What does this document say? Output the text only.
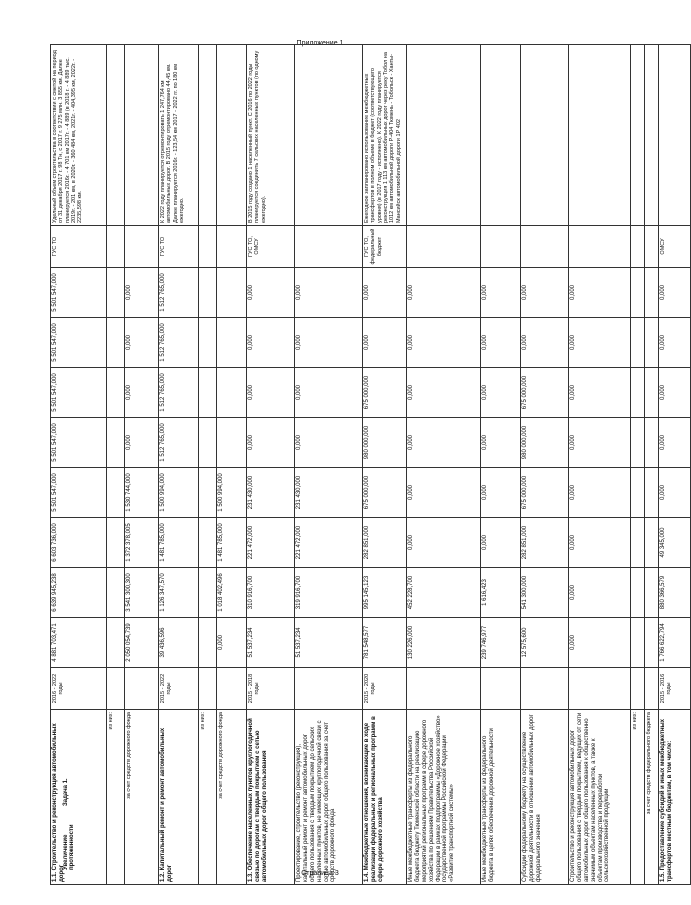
Приложение 1
1.1. Строительство и реконструкция автомобильных дорог	2016 - 2022 годы	4 881 703,471	6 639 945,238	6 603 736,000	5 501 547,000	5 501 547,000	5 501 547,000	5 501 547,000	5 501 547,000	ГУС ТО	Удельный объем строительства в соответствии с сметой на период от 31 декабря 2017 г. 98 Тн, с 2017 г. 9 275 млн. 3 855 км. Далее планируется 2016г. - 4 701 км 2017г. - 4 889 (в 2018 г. - 4 889 тыс. 2019г. - 201 км, в 2020г. - 360 484 км, 2021г. - 404,395 км, 2022г. - 2235,598 км.
из них:											
за счет средств дорожного фонда		2 050 054,739	3 541 300,300	1 372 378,005	1 530 744,000	0,000	0,000	0,000	0,000		
1.2. Капитальный ремонт и ремонт автомобильных дорог	2015 - 2022 годы	39 436,596	1 126 347,570	1 481 785,000	1 500 994,000	1 512 765,000	1 512 765,000	1 512 765,000	1 512 765,000	ГУС ТО	К 2022 году планируется отремонтировать 1 247,764 км автомобильных дорог. В 2015 году отремонтировано 44,45 км. Далее планируется 2016г. - 123,54 км 2017 - 2022 гг. по 180 км ежегодно.
из них:											
за счет средств дорожного фонда		0,000	1 018 402,496	1 481 785,000	1 500 994,000						
1.3. Обеспечение населенных пунктов круглогодичной связью по дорогам с твердым покрытием с сетью автомобильных дорог общего пользования	2015 - 2018 годы	51 537,234	310 916,700	221 472,000	231 430,000	0,000	0,000	0,000	0,000	ГУС ТО, ОМСУ	В 2015 году создано 1 населенный пункт. С 2016 по 2022 годы планируется соединить 7 сельских населенных пунктов (по одному ежегодно).
Проектирование, строительство (реконструкция), капитальный ремонт и ремонт автомобильных дорог общего пользования с твердым покрытием до сельских населенных пунктов, не имеющих круглогодичной связи с сетью автомобильных дорог общего пользования за счет средств дорожного фонда		51 537,234	319 916,700	221 472,000	231 430,000	0,000	0,000	0,000	0,000		
1.4. Межбюджетные отношения, возникающие в ходе реализации федеральных и региональных программ в сфере дорожного хозяйства	2015 - 2020 годы	781 548,577	995 145,123	282 851,000	675 000,000	980 000,000	675 000,000	0,000	0,000	ГУС ТО, федеральный бюджет	Ежегодное запланировано использование межбюджетных трансфертов в полном объеме в бюджет (соответствующего уровня) (в 2017 году - исполнено). К 2022 году планируется реконструкция 1 113 км автомобильных дорог через реку Тобол на 1012 км автомобильной дороги Р-404 Тюмень - Тобольск - Ханты-Мансийск автомобильной дороги 1Р 402
Иные межбюджетные трансферты из федерального бюджета бюджету Тюменской области на реализацию мероприятий региональных программ в сфере дорожного хозяйства по решениям Правительства Российской Федерации в рамках подпрограммы «Дорожное хозяйство» государственной программы Российской Федерации «Развитие транспортной системы»		130 226,000	452 228,700	0,000	0,000	0,000	0,000	0,000	0,000		
Иные межбюджетные трансферты из федерального бюджета в целях обеспечения дорожной деятельности		239 746,977	1 616,423	0,000	0,000	0,000	0,000	0,000	0,000		
Субсидии федеральному бюджету на осуществление дорожной деятельности в отношении автомобильных дорог федерального значения		12 575,600	541 300,000	282 851,000	675 000,000	980 000,000	675 000,000	0,000	0,000		
Строительство и реконструкция автомобильных дорог общего пользования с твердым покрытием, ведущих от сети автомобильных дорог общего пользования к общественно значимым объектам населенных пунктов, а также к объектам производства и переработки сельскохозяйственной продукции		0,000	0,000	0,000	0,000	0,000	0,000	0,000	0,000		
из них:											
за счет средств федерального бюджета											
1.5. Предоставление субсидий и иных межбюджетных трансфертов местным бюджетам, в том числе:	2015 - 2016 годы	1 766 622,794	880 366,579	49 345,000	0,000	0,000	0,000	0,000	0,000	ОМСУ	
Задача 1.
Увеличение протяженности
Страница 3
